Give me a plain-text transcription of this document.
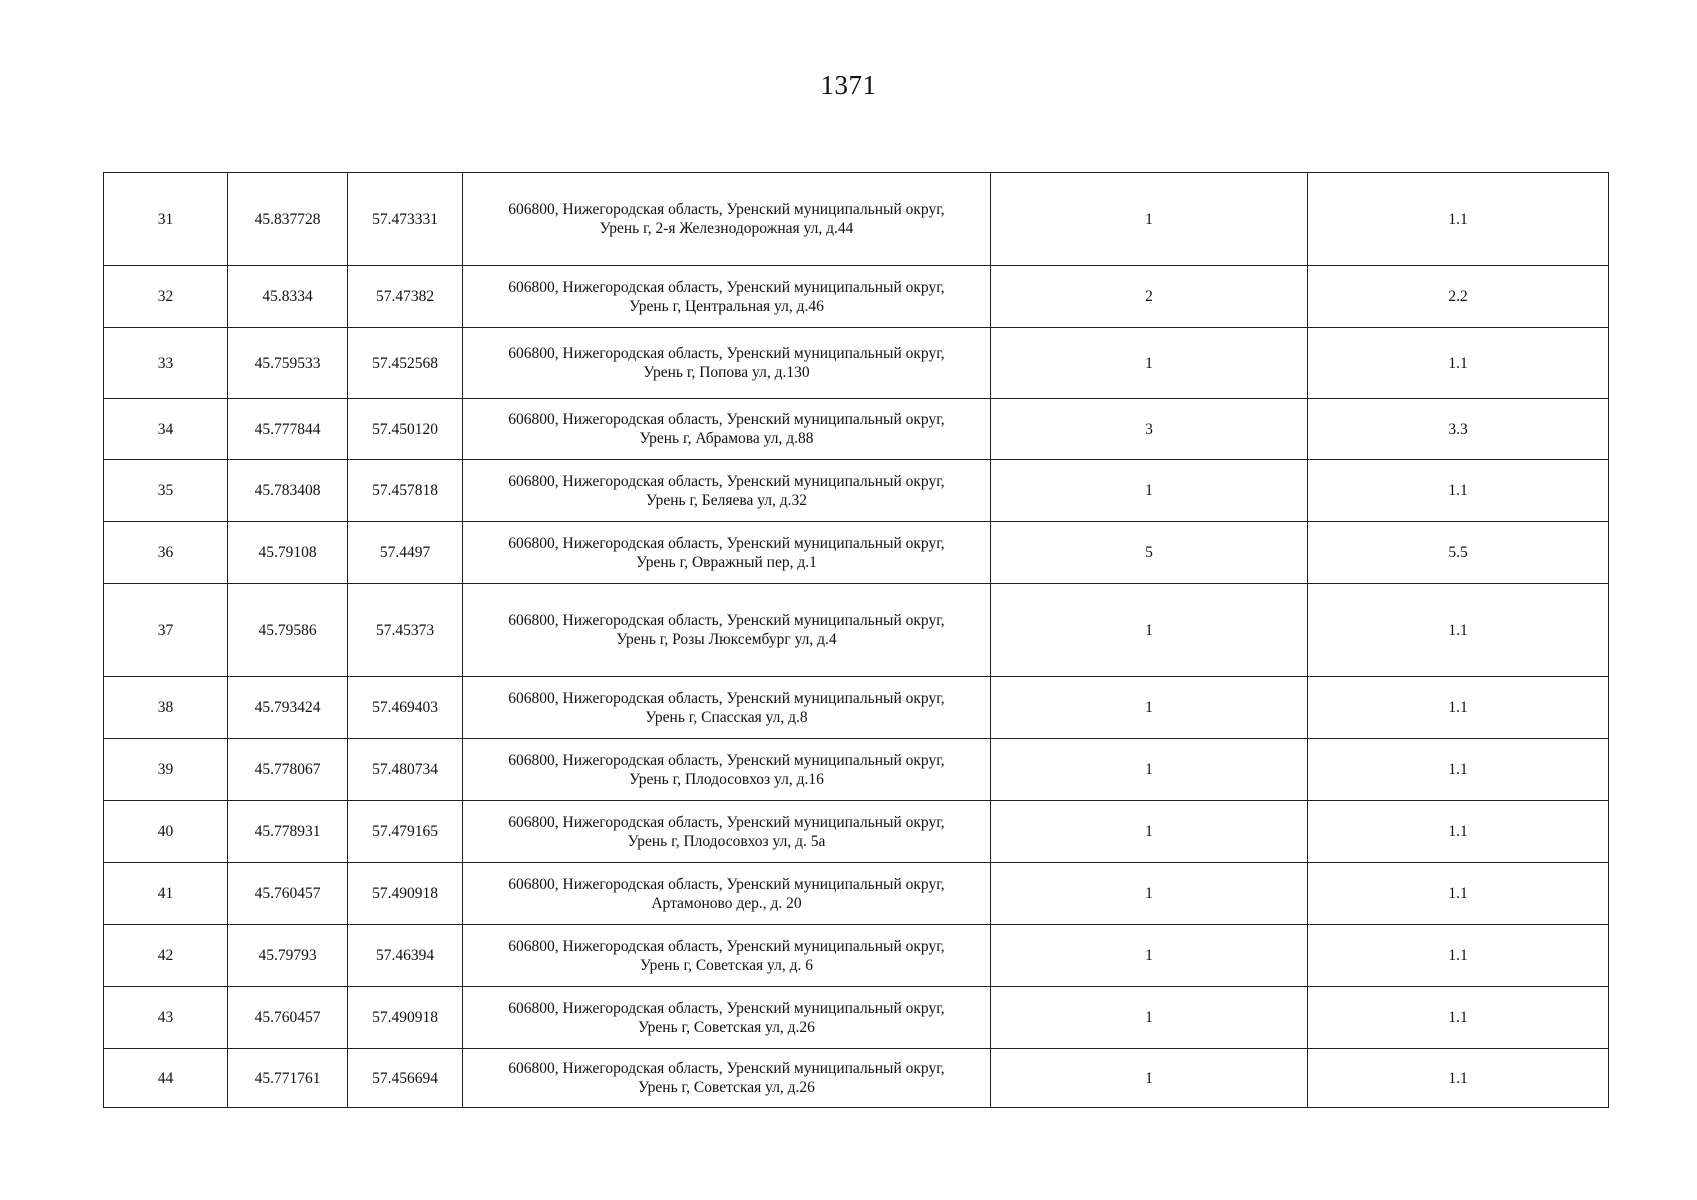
1371
31	45.837728	57.473331	606800, Нижегородская область, Уренский муниципальный округ,
Урень г, 2-я Железнодорожная ул, д.44	1	1.1
32	45.8334	57.47382	606800, Нижегородская область, Уренский муниципальный округ,
Урень г, Центральная ул, д.46	2	2.2
33	45.759533	57.452568	606800, Нижегородская область, Уренский муниципальный округ,
Урень г, Попова ул, д.130	1	1.1
34	45.777844	57.450120	606800, Нижегородская область, Уренский муниципальный округ,
Урень г, Абрамова ул, д.88	3	3.3
35	45.783408	57.457818	606800, Нижегородская область, Уренский муниципальный округ,
Урень г, Беляева ул, д.32	1	1.1
36	45.79108	57.4497	606800, Нижегородская область, Уренский муниципальный округ,
Урень г, Овражный пер, д.1	5	5.5
37	45.79586	57.45373	606800, Нижегородская область, Уренский муниципальный округ,
Урень г, Розы Люксембург ул, д.4	1	1.1
38	45.793424	57.469403	606800, Нижегородская область, Уренский муниципальный округ,
Урень г, Спасская ул, д.8	1	1.1
39	45.778067	57.480734	606800, Нижегородская область, Уренский муниципальный округ,
Урень г, Плодосовхоз ул, д.16	1	1.1
40	45.778931	57.479165	606800, Нижегородская область, Уренский муниципальный округ,
Урень г, Плодосовхоз ул, д. 5а	1	1.1
41	45.760457	57.490918	606800, Нижегородская область, Уренский муниципальный округ,
Артамоново дер., д. 20	1	1.1
42	45.79793	57.46394	606800, Нижегородская область, Уренский муниципальный округ,
Урень г, Советская ул, д. 6	1	1.1
43	45.760457	57.490918	606800, Нижегородская область, Уренский муниципальный округ,
Урень г, Советская ул, д.26	1	1.1
44	45.771761	57.456694	606800, Нижегородская область, Уренский муниципальный округ,
Урень г, Советская ул, д.26	1	1.1
